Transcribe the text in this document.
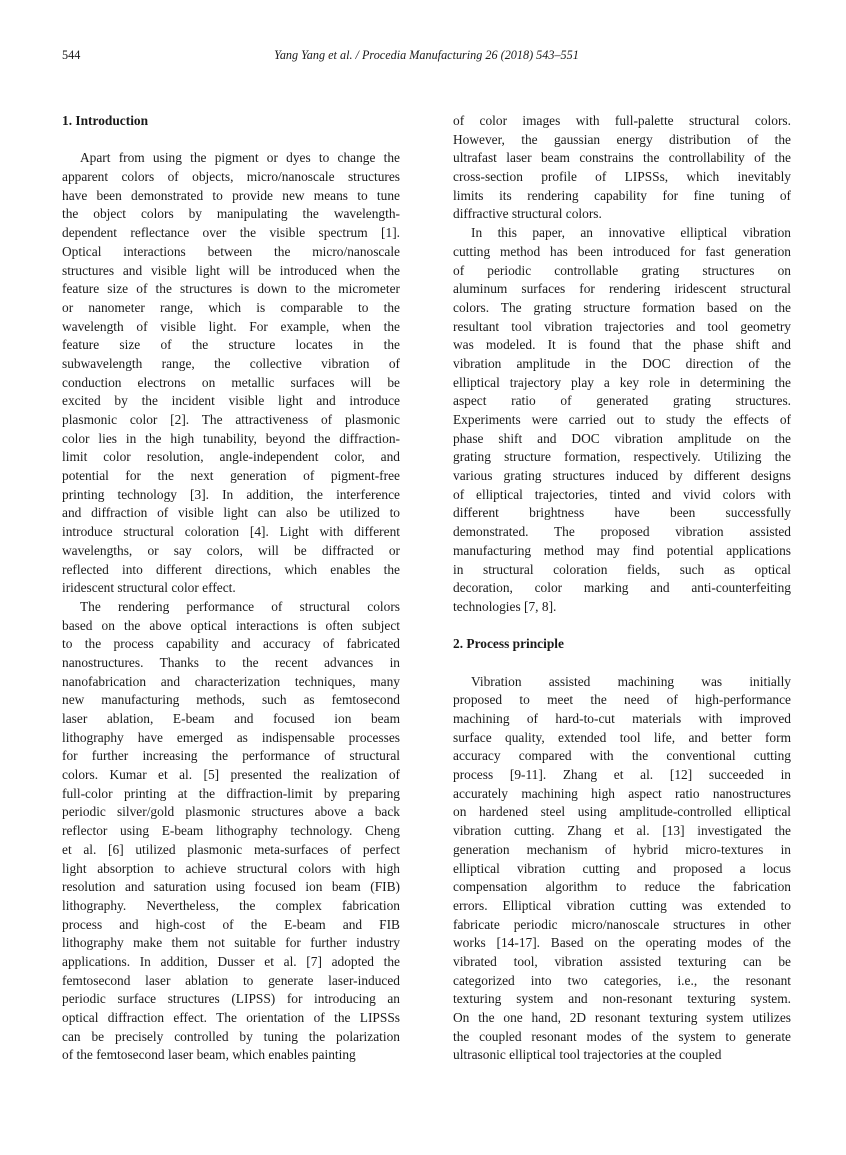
544	Yang Yang et al. / Procedia Manufacturing 26 (2018) 543–551
1. Introduction
Apart from using the pigment or dyes to change the
apparent colors of objects, micro/nanoscale structures
have been demonstrated to provide new means to tune
the object colors by manipulating the wavelength-
dependent reflectance over the visible spectrum [1].
Optical interactions between the micro/nanoscale
structures and visible light will be introduced when the
feature size of the structures is down to the micrometer
or nanometer range, which is comparable to the
wavelength of visible light. For example, when the
feature size of the structure locates in the
subwavelength range, the collective vibration of
conduction electrons on metallic surfaces will be
excited by the incident visible light and introduce
plasmonic color [2]. The attractiveness of plasmonic
color lies in the high tunability, beyond the diffraction-
limit color resolution, angle-independent color, and
potential for the next generation of pigment-free
printing technology [3]. In addition, the interference
and diffraction of visible light can also be utilized to
introduce structural coloration [4]. Light with different
wavelengths, or say colors, will be diffracted or
reflected into different directions, which enables the
iridescent structural color effect.
The rendering performance of structural colors
based on the above optical interactions is often subject
to the process capability and accuracy of fabricated
nanostructures. Thanks to the recent advances in
nanofabrication and characterization techniques, many
new manufacturing methods, such as femtosecond
laser ablation, E-beam and focused ion beam
lithography have emerged as indispensable processes
for further increasing the performance of structural
colors. Kumar et al. [5] presented the realization of
full-color printing at the diffraction-limit by preparing
periodic silver/gold plasmonic structures above a back
reflector using E-beam lithography technology. Cheng
et al. [6] utilized plasmonic meta-surfaces of perfect
light absorption to achieve structural colors with high
resolution and saturation using focused ion beam (FIB)
lithography. Nevertheless, the complex fabrication
process and high-cost of the E-beam and FIB
lithography make them not suitable for further industry
applications. In addition, Dusser et al. [7] adopted the
femtosecond laser ablation to generate laser-induced
periodic surface structures (LIPSS) for introducing an
optical diffraction effect. The orientation of the LIPSSs
can be precisely controlled by tuning the polarization
of the femtosecond laser beam, which enables painting
of color images with full-palette structural colors.
However, the gaussian energy distribution of the
ultrafast laser beam constrains the controllability of the
cross-section profile of LIPSSs, which inevitably
limits its rendering capability for fine tuning of
diffractive structural colors.
In this paper, an innovative elliptical vibration
cutting method has been introduced for fast generation
of periodic controllable grating structures on
aluminum surfaces for rendering iridescent structural
colors. The grating structure formation based on the
resultant tool vibration trajectories and tool geometry
was modeled. It is found that the phase shift and
vibration amplitude in the DOC direction of the
elliptical trajectory play a key role in determining the
aspect ratio of generated grating structures.
Experiments were carried out to study the effects of
phase shift and DOC vibration amplitude on the
grating structure formation, respectively. Utilizing the
various grating structures induced by different designs
of elliptical trajectories, tinted and vivid colors with
different brightness have been successfully
demonstrated. The proposed vibration assisted
manufacturing method may find potential applications
in structural coloration fields, such as optical
decoration, color marking and anti-counterfeiting
technologies [7, 8].
2. Process principle
Vibration assisted machining was initially
proposed to meet the need of high-performance
machining of hard-to-cut materials with improved
surface quality, extended tool life, and better form
accuracy compared with the conventional cutting
process [9-11]. Zhang et al. [12] succeeded in
accurately machining high aspect ratio nanostructures
on hardened steel using amplitude-controlled elliptical
vibration cutting. Zhang et al. [13] investigated the
generation mechanism of hybrid micro-textures in
elliptical vibration cutting and proposed a locus
compensation algorithm to reduce the fabrication
errors. Elliptical vibration cutting was extended to
fabricate periodic micro/nanoscale structures in other
works [14-17]. Based on the operating modes of the
vibrated tool, vibration assisted texturing can be
categorized into two categories, i.e., the resonant
texturing system and non-resonant texturing system.
On the one hand, 2D resonant texturing system utilizes
the coupled resonant modes of the system to generate
ultrasonic elliptical tool trajectories at the coupled
